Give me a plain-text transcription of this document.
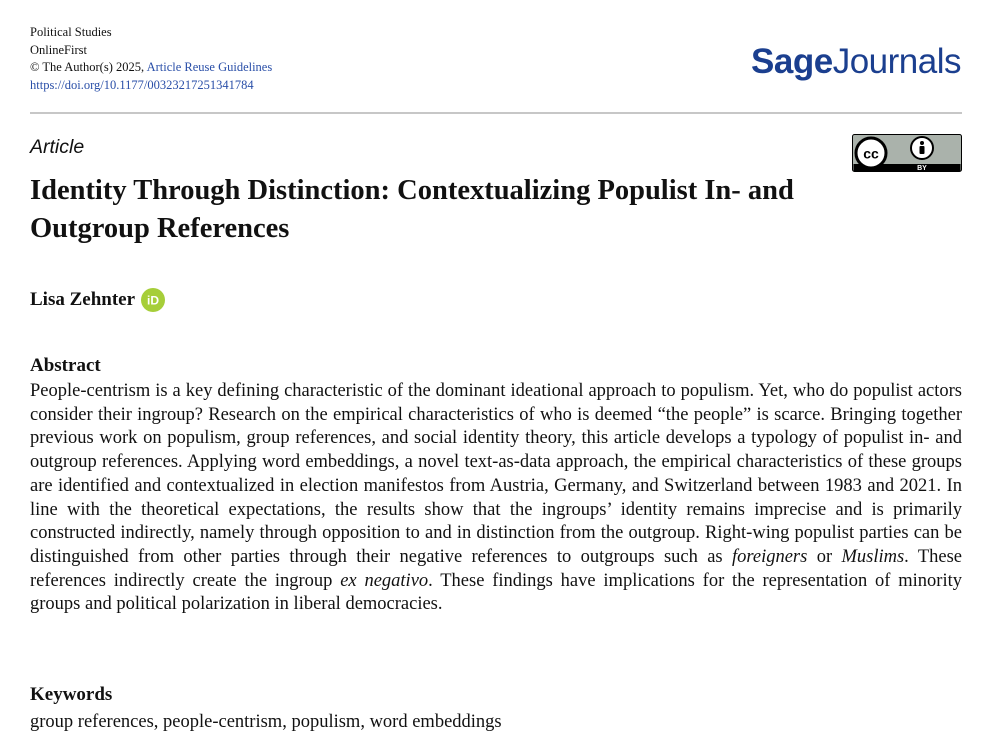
Political Studies
OnlineFirst
© The Author(s) 2025, Article Reuse Guidelines
https://doi.org/10.1177/00323217251341784
SageJournals
Article	cc
BY
Identity Through Distinction: Contextualizing Populist In- and Outgroup References
Lisa Zehnter iD
Abstract

People-centrism is a key defining characteristic of the dominant ideational approach to populism. Yet, who do populist actors consider their ingroup? Research on the empirical characteristics of who is deemed “the people” is scarce. Bringing together previous work on populism, group references, and social identity theory, this article develops a typology of populist in- and outgroup references. Applying word embeddings, a novel text-as-data approach, the empirical characteristics of these groups are identified and contextualized in election manifestos from Austria, Germany, and Switzerland between 1983 and 2021. In line with the theoretical expectations, the results show that the ingroups’ identity remains imprecise and is primarily constructed indirectly, namely through opposition to and in distinction from the outgroup. Right-wing populist parties can be distinguished from other parties through their negative references to outgroups such as foreigners or Muslims. These references indirectly create the ingroup ex negativo. These findings have implications for the representation of minority groups and political polarization in liberal democracies.

Keywords
group references, people-centrism, populism, word embeddings
